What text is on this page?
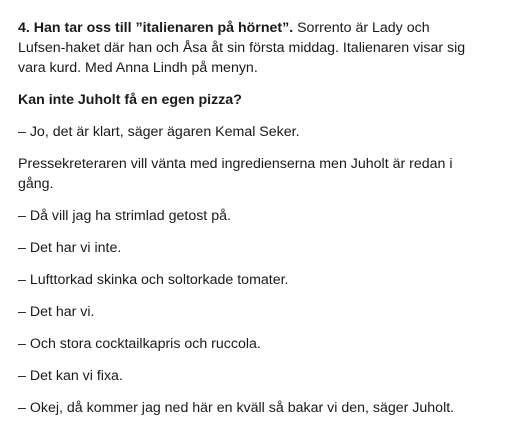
4. Han tar oss till ”italienaren på hörnet”. Sorrento är Lady och
Lufsen-haket där han och Åsa åt sin första middag. Italienaren visar sig
vara kurd. Med Anna Lindh på menyn.

Kan inte Juholt få en egen pizza?

– Jo, det är klart, säger ägaren Kemal Seker.

Pressekreteraren vill vänta med ingredienserna men Juholt är redan i
gång.

– Då vill jag ha strimlad getost på.

– Det har vi inte.

– Lufttorkad skinka och soltorkade tomater.

– Det har vi.

– Och stora cocktailkapris och ruccola.

– Det kan vi fixa.

– Okej, då kommer jag ned här en kväll så bakar vi den, säger Juholt.
